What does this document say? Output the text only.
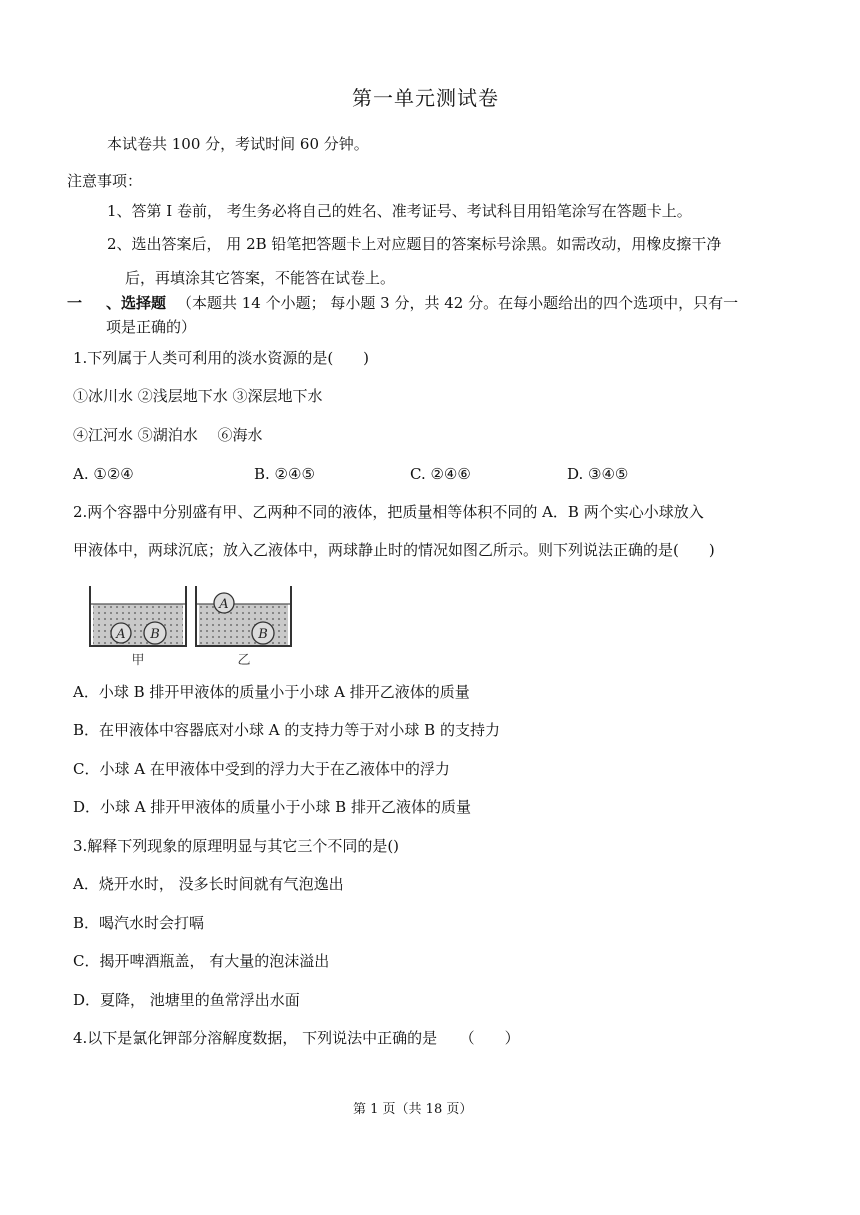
第一单元测试卷
本试卷共 100 分，考试时间 60 分钟。
注意事项：
1、答第 I 卷前， 考生务必将自己的姓名、准考证号、考试科目用铅笔涂写在答题卡上。
2、选出答案后， 用 2B 铅笔把答题卡上对应题目的答案标号涂黑。如需改动，用橡皮擦干净
后，再填涂其它答案，不能答在试卷上。
一 、选择题 （本题共 14 个小题； 每小题 3 分，共 42 分。在每小题给出的四个选项中，只有一
项是正确的）
1.下列属于人类可利用的淡水资源的是(　　)
①冰川水 ②浅层地下水 ③深层地下水
④江河水 ⑤湖泊水　 ⑥海水
A. ①②④	B. ②④⑤	C. ②④⑥	D. ③④⑤
2.两个容器中分别盛有甲、乙两种不同的液体，把质量相等体积不同的 A．B 两个实心小球放入
甲液体中，两球沉底；放入乙液体中，两球静止时的情况如图乙所示。则下列说法正确的是(　　)
A B
甲
A
B
乙
A．小球 B 排开甲液体的质量小于小球 A 排开乙液体的质量
B．在甲液体中容器底对小球 A 的支持力等于对小球 B 的支持力
C．小球 A 在甲液体中受到的浮力大于在乙液体中的浮力
D．小球 A 排开甲液体的质量小于小球 B 排开乙液体的质量
3.解释下列现象的原理明显与其它三个不同的是()
A．烧开水时， 没多长时间就有气泡逸出
B．喝汽水时会打嗝
C．揭开啤酒瓶盖， 有大量的泡沫溢出
D．夏降， 池塘里的鱼常浮出水面
4.以下是氯化钾部分溶解度数据， 下列说法中正确的是　　（　　）
第 1 页（共 18 页）
